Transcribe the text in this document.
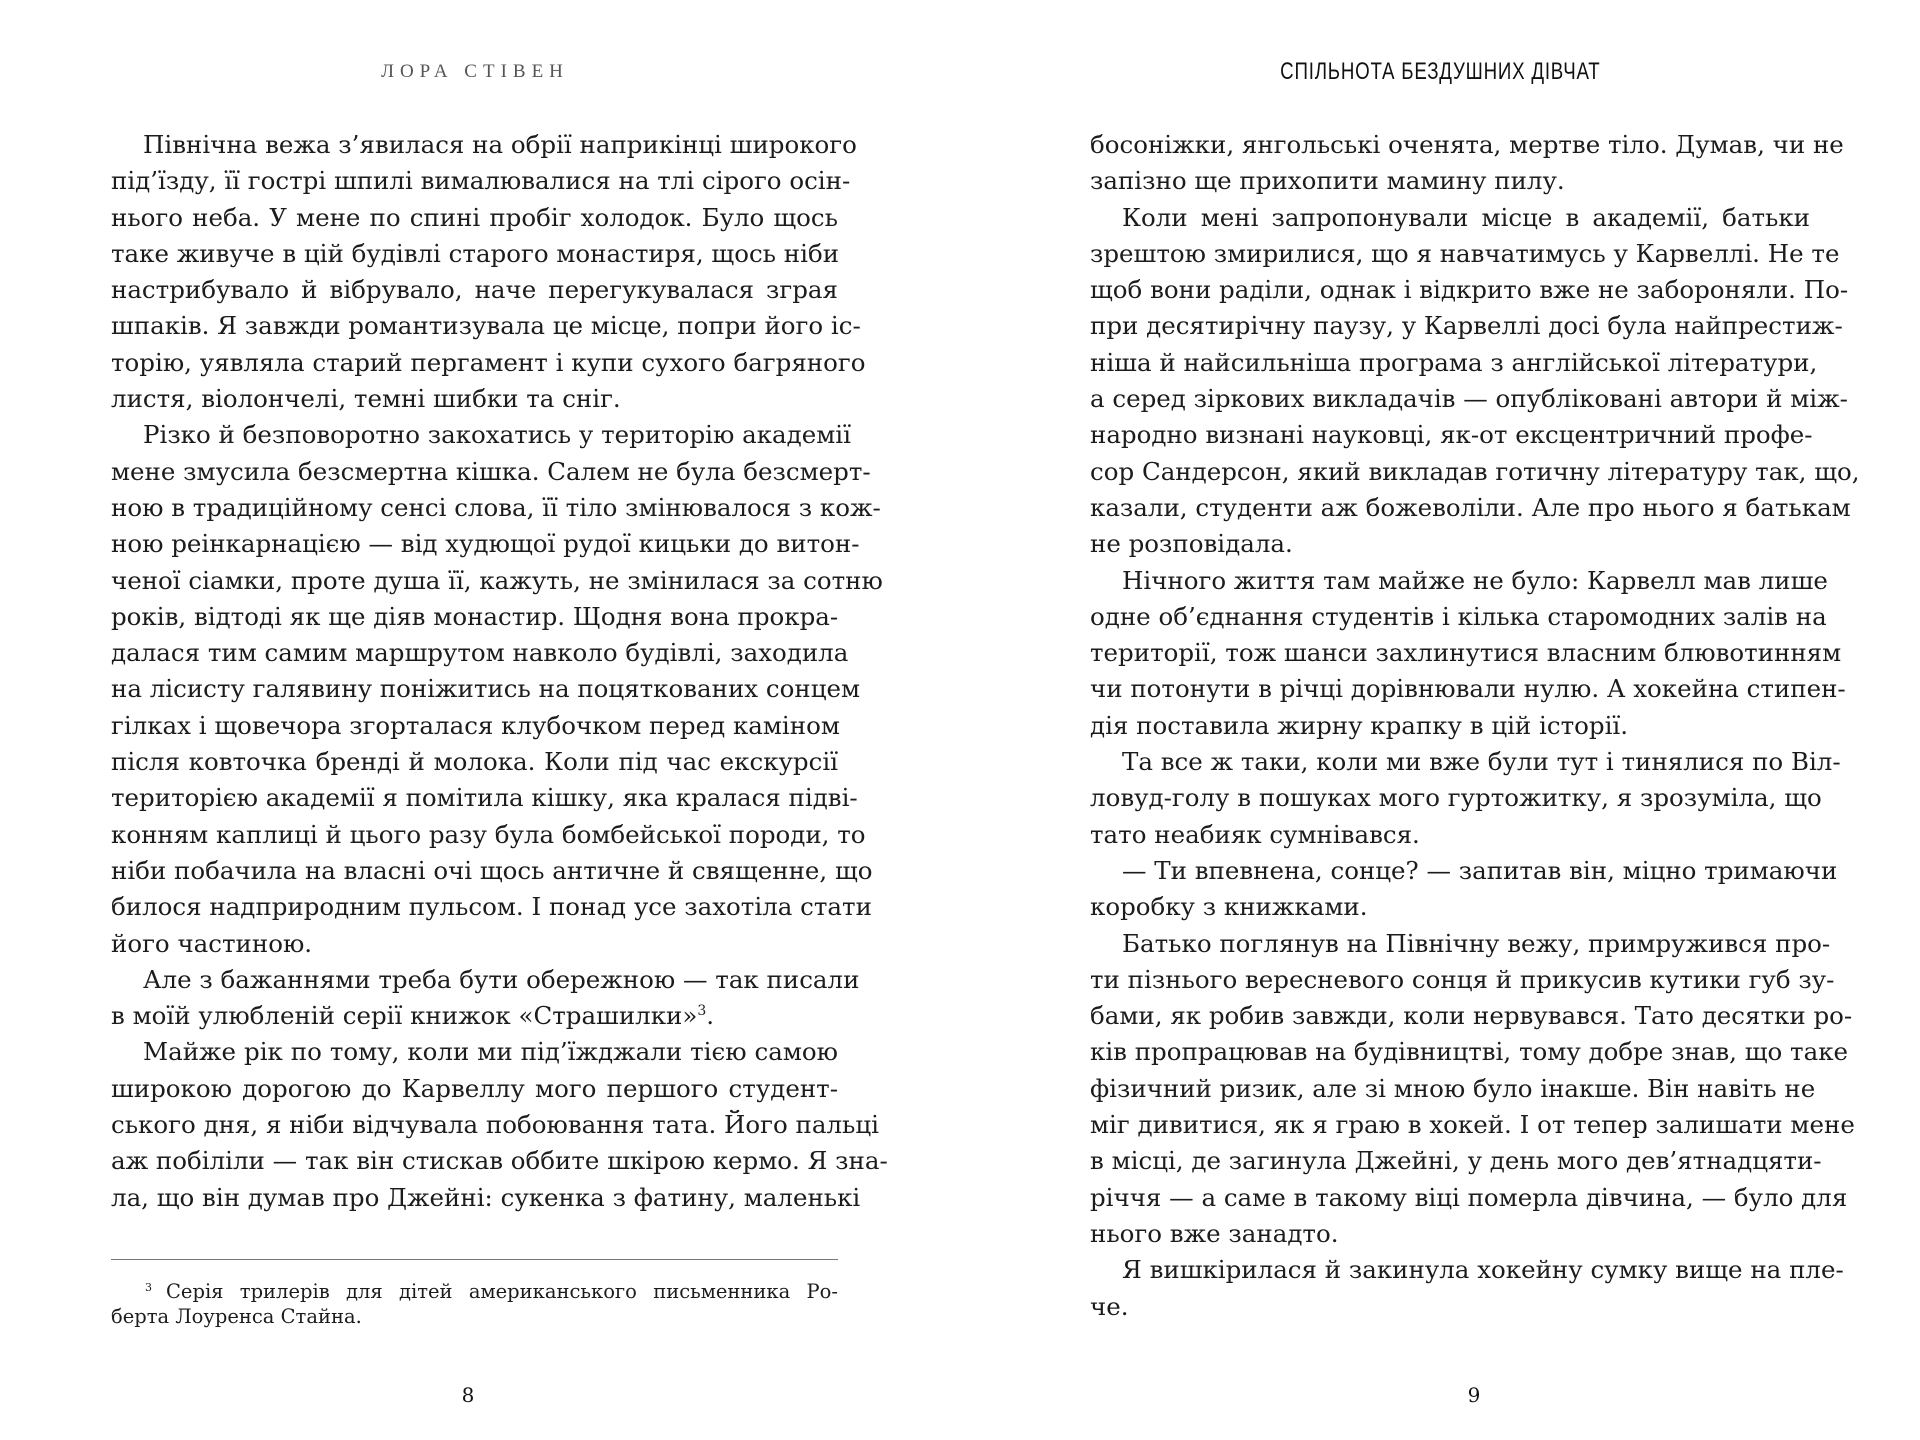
ЛОРА СТІВЕН
Північна вежа з’явилася на обрії наприкінці широкого
під’їзду, її гострі шпилі вималювалися на тлі сірого осін-
нього неба. У мене по спині пробіг холодок. Було щось
таке живуче в цій будівлі старого монастиря, щось ніби
настрибувало й вібрувало, наче перегукувалася зграя
шпаків. Я завжди романтизувала це місце, попри його іс-
торію, уявляла старий пергамент і купи сухого багряного
листя, віолончелі, темні шибки та сніг.
Різко й безповоротно закохатись у територію академії
мене змусила безсмертна кішка. Салем не була безсмерт-
ною в традиційному сенсі слова, її тіло змінювалося з кож-
ною реінкарнацією — від худющої рудої кицьки до витон-
ченої сіамки, проте душа її, кажуть, не змінилася за сотню
років, відтоді як ще діяв монастир. Щодня вона прокра-
далася тим самим маршрутом навколо будівлі, заходила
на лісисту галявину поніжитись на поцяткованих сонцем
гілках і щовечора згорталася клубочком перед каміном
після ковточка бренді й молока. Коли під час екскурсії
територією академії я помітила кішку, яка кралася підві-
конням каплиці й цього разу була бомбейської породи, то
ніби побачила на власні очі щось античне й священне, що
билося надприродним пульсом. І понад усе захотіла стати
його частиною.
Але з бажаннями треба бути обережною — так писали
в моїй улюбленій серії книжок «Страшилки»$^3$.
Майже рік по тому, коли ми під’їжджали тією самою
широкою дорогою до Карвеллу мого першого студент-
ського дня, я ніби відчувала побоювання тата. Його пальці
аж побіліли — так він стискав оббите шкірою кермо. Я зна-
ла, що він думав про Джейні: сукенка з фатину, маленькі
$^3$ Серія трилерів для дітей американського письменника Ро-
берта Лоуренса Стайна.
8
СПІЛЬНОТА БЕЗДУШНИХ ДІВЧАТ
босоніжки, янгольські оченята, мертве тіло. Думав, чи не
запізно ще прихопити мамину пилу.
Коли мені запропонували місце в академії, батьки
зрештою змирилися, що я навчатимусь у Карвеллі. Не те
щоб вони раділи, однак і відкрито вже не забороняли. По-
при десятирічну паузу, у Карвеллі досі була найпрестиж-
ніша й найсильніша програма з англійської літератури,
а серед зіркових викладачів — опубліковані автори й між-
народно визнані науковці, як-от ексцентричний профе-
сор Сандерсон, який викладав готичну літературу так, що,
казали, студенти аж божеволіли. Але про нього я батькам
не розповідала.
Нічного життя там майже не було: Карвелл мав лише
одне об’єднання студентів і кілька старомодних залів на
території, тож шанси захлинутися власним блювотинням
чи потонути в річці дорівнювали нулю. А хокейна стипен-
дія поставила жирну крапку в цій історії.
Та все ж таки, коли ми вже були тут і тинялися по Віл-
ловуд-голу в пошуках мого гуртожитку, я зрозуміла, що
тато неабияк сумнівався.
— Ти впевнена, сонце? — запитав він, міцно тримаючи
коробку з книжками.
Батько поглянув на Північну вежу, примружився про-
ти пізнього вересневого сонця й прикусив кутики губ зу-
бами, як робив завжди, коли нервувався. Тато десятки ро-
ків пропрацював на будівництві, тому добре знав, що таке
фізичний ризик, але зі мною було інакше. Він навіть не
міг дивитися, як я граю в хокей. І от тепер залишати мене
в місці, де загинула Джейні, у день мого дев’ятнадцяти-
річчя — а саме в такому віці померла дівчина, — було для
нього вже занадто.
Я вишкірилася й закинула хокейну сумку вище на пле-
че.
9
